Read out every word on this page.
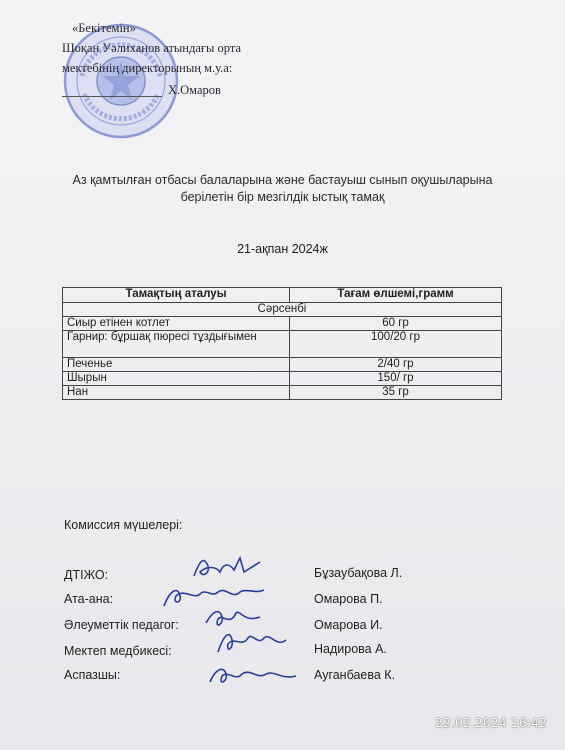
«Бекітемін»
Шоқан Уәлиханов атындағы орта
мектебінің директорының м.у.а:
Х.Омаров
Аз қамтылған отбасы балаларына және бастауыш сынып оқушыларына
берілетін бір мезгілдік ыстық тамақ
21-ақпан 2024ж
Тамақтың аталуы	Тағам өлшемі,грамм
Сәрсенбі	
Сиыр етінен котлет	60 гр
Гарнир: бұршақ пюресі тұздығымен	100/20 гр
Печенье	2/40 гр
Шырын	150/ гр
Нан	35 гр
Комиссия мүшелері:
ДТІЖО:	Бұзаубақова Л.
Ата-ана:	Омарова П.
Әлеуметтік педагог:	Омарова И.
Мектеп медбикесі:	Надирова А.
Аспазшы:	Ауганбаева К.
22.02.2024 16:42
